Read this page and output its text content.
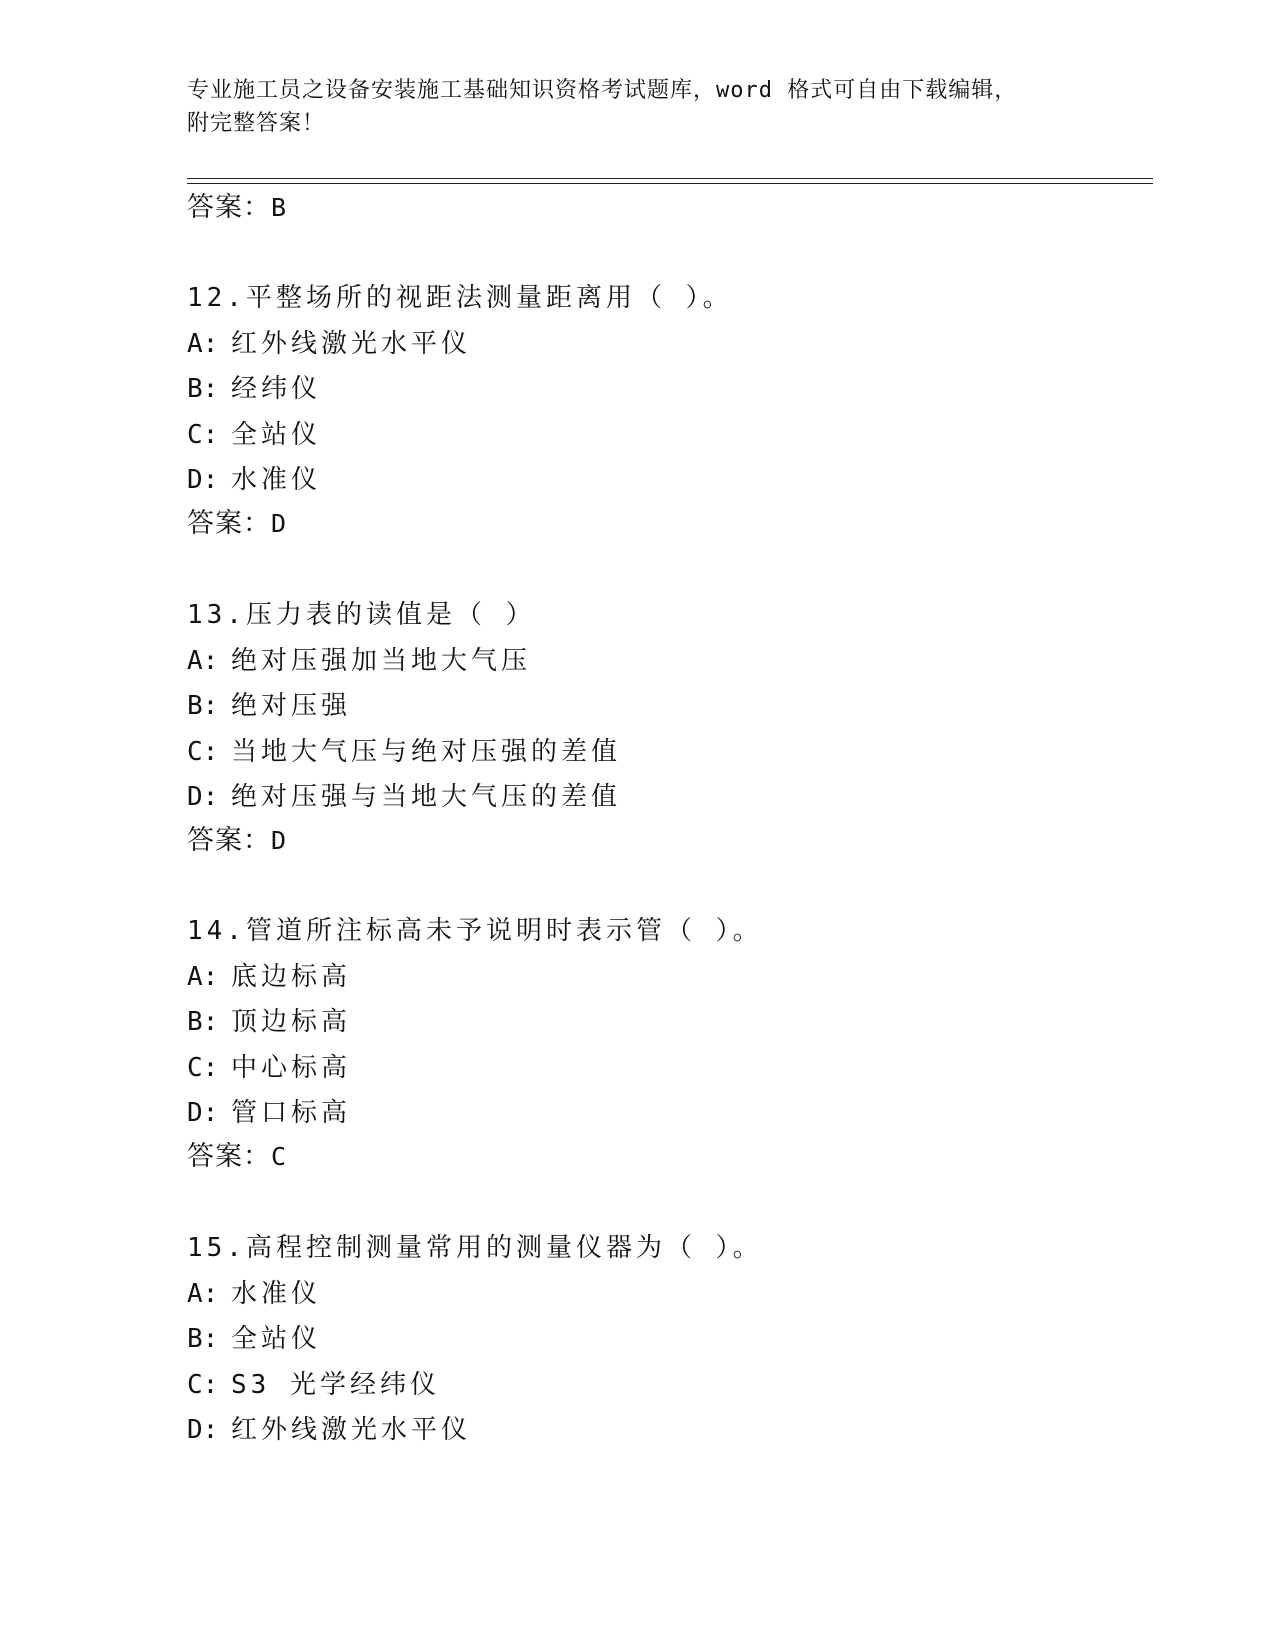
专业施工员之设备安装施工基础知识资格考试题库，word 格式可自由下载编辑，
附完整答案！
答案：B
12.平整场所的视距法测量距离用（ ）。
A: 红外线激光水平仪
B: 经纬仪
C: 全站仪
D: 水准仪
答案：D
13.压力表的读值是（ ）
A: 绝对压强加当地大气压
B: 绝对压强
C: 当地大气压与绝对压强的差值
D: 绝对压强与当地大气压的差值
答案：D
14.管道所注标高未予说明时表示管（ ）。
A: 底边标高
B: 顶边标高
C: 中心标高
D: 管口标高
答案：C
15.高程控制测量常用的测量仪器为（ ）。
A: 水准仪
B: 全站仪
C: S3 光学经纬仪
D: 红外线激光水平仪
